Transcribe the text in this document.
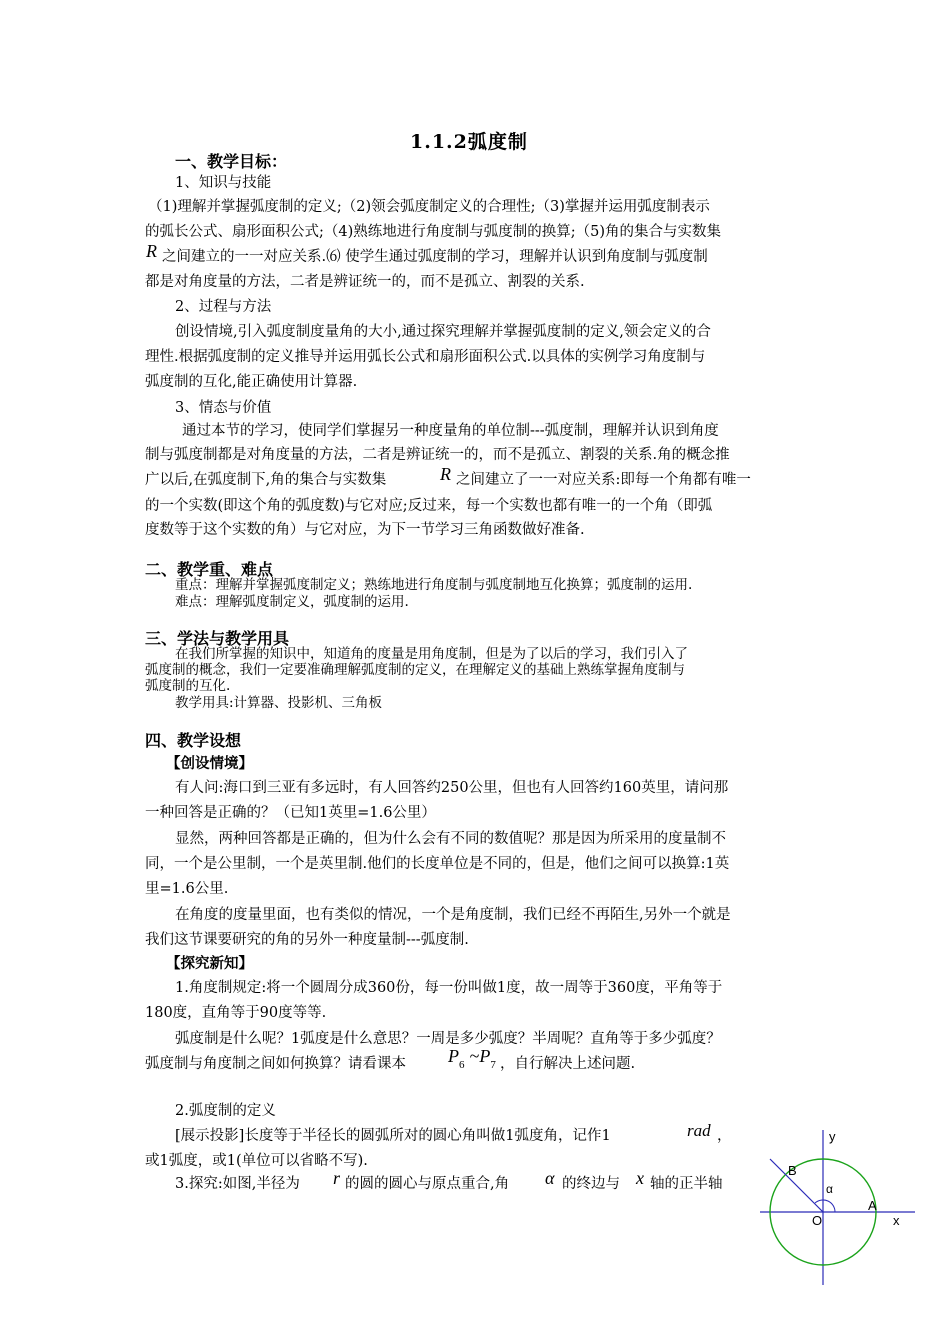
1.1.2弧度制
一、教学目标：
1、知识与技能
（1)理解并掌握弧度制的定义;（2)领会弧度制定义的合理性;（3)掌握并运用弧度制表示
的弧长公式、扇形面积公式;（4)熟练地进行角度制与弧度制的换算;（5)角的集合与实数集
R 之间建立的一一对应关系.⑹ 使学生通过弧度制的学习，理解并认识到角度制与弧度制
都是对角度量的方法，二者是辨证统一的，而不是孤立、割裂的关系.
2、过程与方法
创设情境,引入弧度制度量角的大小,通过探究理解并掌握弧度制的定义,领会定义的合
理性.根据弧度制的定义推导并运用弧长公式和扇形面积公式.以具体的实例学习角度制与
弧度制的互化,能正确使用计算器.
3、情态与价值
通过本节的学习，使同学们掌握另一种度量角的单位制---弧度制，理解并认识到角度
制与弧度制都是对角度量的方法，二者是辨证统一的，而不是孤立、割裂的关系.角的概念推
广以后,在弧度制下,角的集合与实数集	R 之间建立了一一对应关系:即每一个角都有唯一
的一个实数(即这个角的弧度数)与它对应;反过来，每一个实数也都有唯一的一个角（即弧
度数等于这个实数的角）与它对应，为下一节学习三角函数做好准备.
二、教学重、难点
重点：理解并掌握弧度制定义；熟练地进行角度制与弧度制地互化换算；弧度制的运用.
难点：理解弧度制定义，弧度制的运用.
三、学法与教学用具
在我们所掌握的知识中，知道角的度量是用角度制，但是为了以后的学习，我们引入了
弧度制的概念，我们一定要准确理解弧度制的定义，在理解定义的基础上熟练掌握角度制与
弧度制的互化.
教学用具:计算器、投影机、三角板
四、教学设想
【创设情境】
有人问:海口到三亚有多远时，有人回答约250公里，但也有人回答约160英里，请问那
一种回答是正确的？（已知1英里=1.6公里）
显然，两种回答都是正确的，但为什么会有不同的数值呢？那是因为所采用的度量制不
同，一个是公里制，一个是英里制.他们的长度单位是不同的，但是，他们之间可以换算:1英
里=1.6公里.
在角度的度量里面，也有类似的情况，一个是角度制，我们已经不再陌生,另外一个就是
我们这节课要研究的角的另外一种度量制---弧度制.
【探究新知】
1.角度制规定:将一个圆周分成360份，每一份叫做1度，故一周等于360度，平角等于
180度，直角等于90度等等.
弧度制是什么呢？1弧度是什么意思？一周是多少弧度？半周呢？直角等于多少弧度？
弧度制与角度制之间如何换算？请看课本 $P_6$ $\sim P_7$ ，自行解决上述问题.
2.弧度制的定义
[展示投影]长度等于半径长的圆弧所对的圆心角叫做1弧度角，记作1	rad ，
或1弧度，或1(单位可以省略不写).
3.探究:如图,半径为 r 的圆的圆心与原点重合,角 α 的终边与 x 轴的正半轴
y
x
B
A
O
α
